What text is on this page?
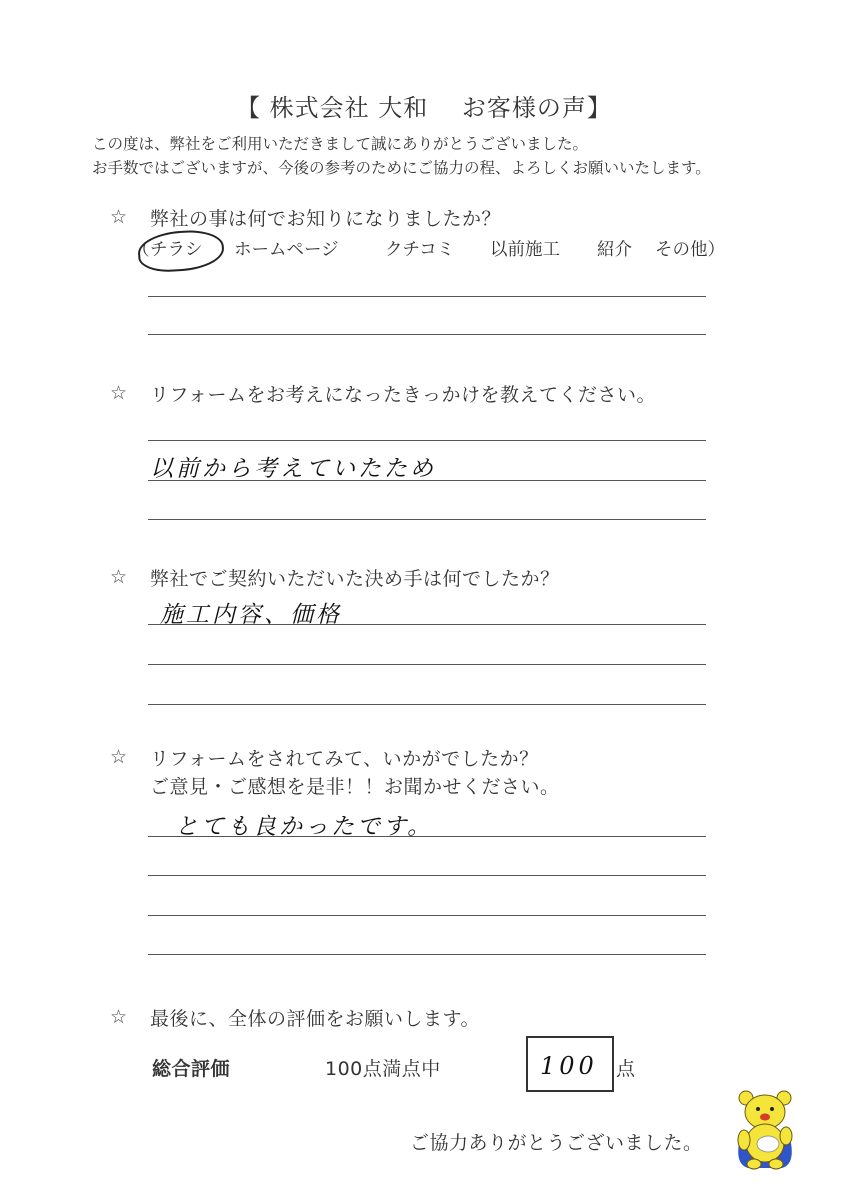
【 株式会社 大和　 お客様の声】
この度は、弊社をご利用いただきまして誠にありがとうございました。
お手数ではございますが、今後の参考のためにご協力の程、よろしくお願いいたします。
☆ 弊社の事は何でお知りになりましたか？
（ チラシ ホームページ	クチコミ 以前施工 紹介 その他）
☆ リフォームをお考えになったきっかけを教えてください。
以前から考えていたため
☆ 弊社でご契約いただいた決め手は何でしたか？
施工内容、価格
☆ リフォームをされてみて、いかがでしたか？
ご意見・ご感想を是非！！お聞かせください。
とても良かったです。
☆ 最後に、全体の評価をお願いします。
総合評価	100点満点中	100 点
ご協力ありがとうございました。
